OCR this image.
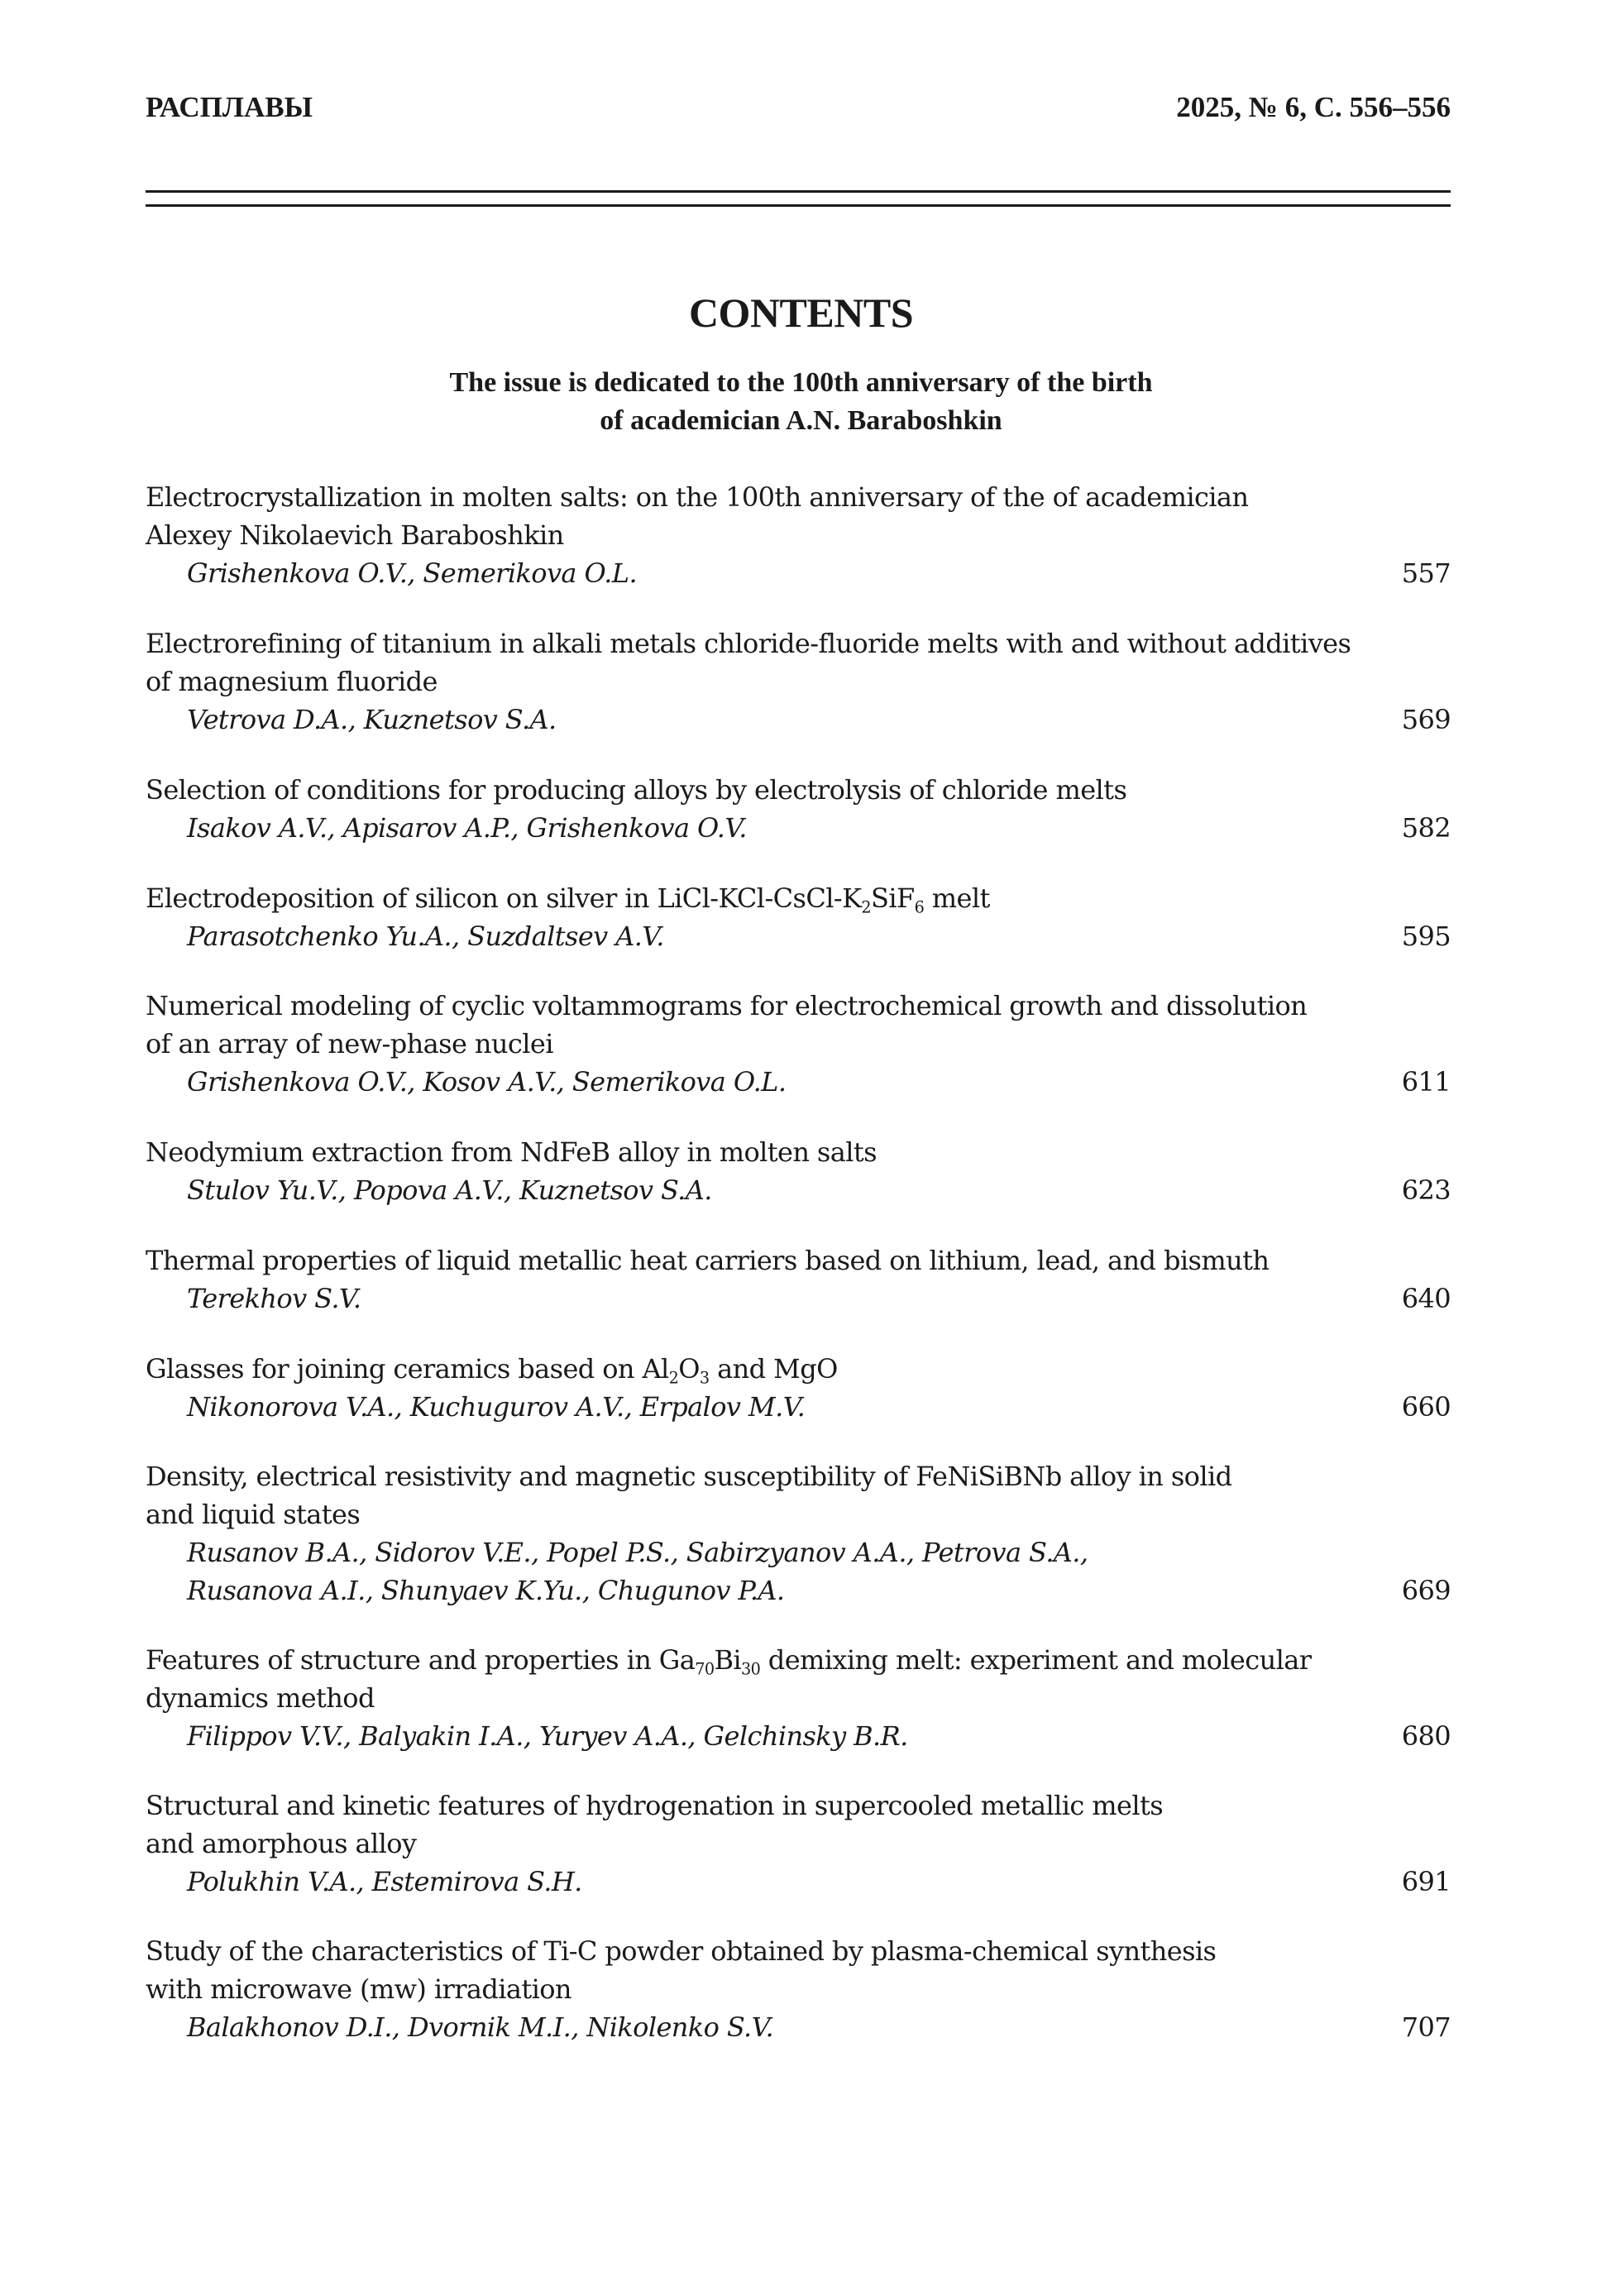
РАСПЛАВЫ	2025, № 6, С. 556–556
CONTENTS
The issue is dedicated to the 100th anniversary of the birth
of academician A.N. Baraboshkin
Electrocrystallization in molten salts: on the 100th anniversary of the of academician
Alexey Nikolaevich Baraboshkin
Grishenkova O.V., Semerikova O.L.	557
Electrorefining of titanium in alkali metals chloride-fluoride melts with and without additives
of magnesium fluoride
Vetrova D.A., Kuznetsov S.A.	569
Selection of conditions for producing alloys by electrolysis of chloride melts
Isakov A.V., Apisarov A.P., Grishenkova O.V.	582
Electrodeposition of silicon on silver in LiCl-$KCl-CsCl-K_2SiF_6$ melt
Parasotchenko Yu.A., Suzdaltsev A.V.	595
Numerical modeling of cyclic voltammograms for electrochemical growth and dissolution
of an array of new-phase nuclei
Grishenkova O.V., Kosov A.V., Semerikova O.L.	611
Neodymium extraction from NdFeB alloy in molten salts
Stulov Yu.V., Popova A.V., Kuznetsov S.A.	623
Thermal properties of liquid metallic heat carriers based on lithium, lead, and bismuth
Terekhov S.V.	640
Glasses for joining ceramics based on $Al_2O_3$ and MgO
Nikonorova V.A., Kuchugurov A.V., Erpalov M.V.	660
Density, electrical resistivity and magnetic susceptibility of FeNiSiBNb alloy in solid
and liquid states
Rusanov B.A., Sidorov V.E., Popel P.S., Sabirzyanov A.A., Petrova S.A.,
Rusanova A.I., Shunyaev K.Yu., Chugunov P.A.	669
Features of structure and properties in $Ga_{70}Bi_{30}$ demixing melt: experiment and molecular
dynamics method
Filippov V.V., Balyakin I.A., Yuryev A.A., Gelchinsky B.R.	680
Structural and kinetic features of hydrogenation in supercooled metallic melts
and amorphous alloy
Polukhin V.A., Estemirova S.H.	691
Study of the characteristics of Ti-C powder obtained by plasma-chemical synthesis
with microwave (mw) irradiation
Balakhonov D.I., Dvornik M.I., Nikolenko S.V.	707
